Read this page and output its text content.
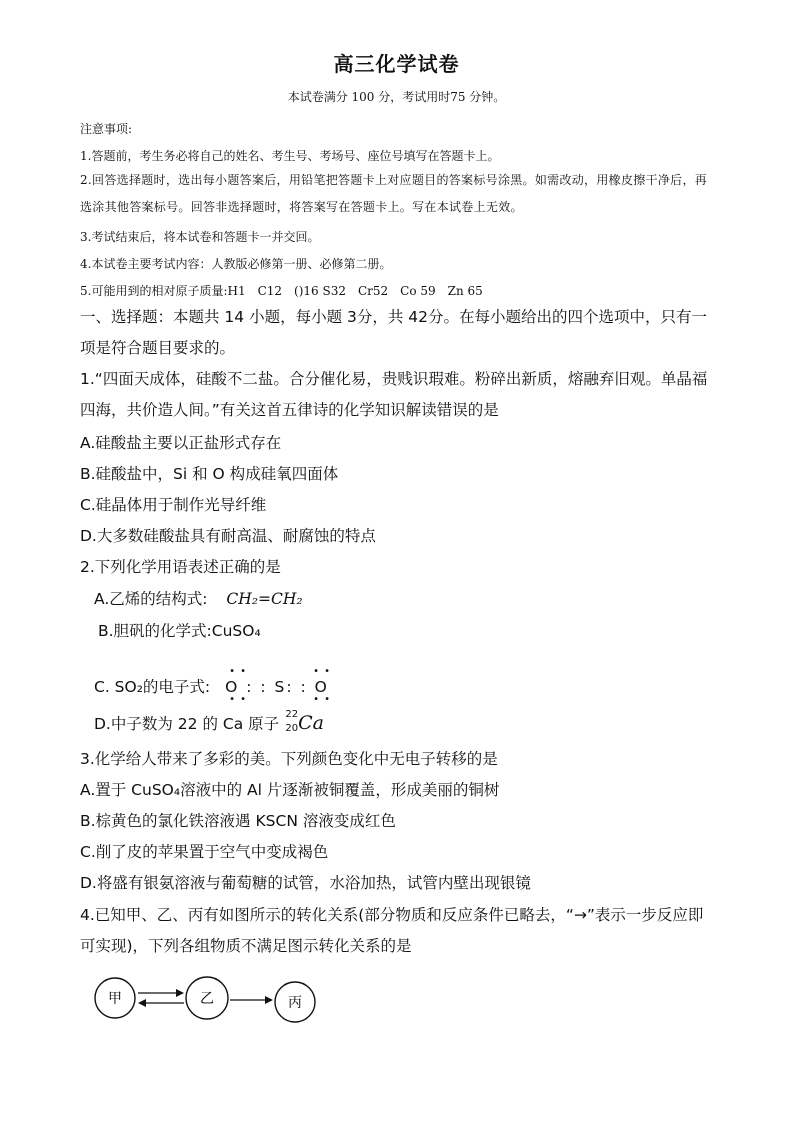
高三化学试卷
本试卷满分 100 分，考试用时75 分钟。
注意事项:
1.答题前，考生务必将自己的姓名、考生号、考场号、座位号填写在答题卡上。
2.回答选择题时，选出每小题答案后，用铅笔把答题卡上对应题目的答案标号涂黑。如需改动，用橡皮擦干净后，再选涂其他答案标号。回答非选择题时，将答案写在答题卡上。写在本试卷上无效。
3.考试结束后，将本试卷和答题卡一并交回。
4.本试卷主要考试内容：人教版必修第一册、必修第二册。
5.可能用到的相对原子质量:H1　C12　()16 S32　Cr52　Co 59　Zn 65
一、选择题：本题共 14 小题，每小题 3分，共 42分。在每小题给出的四个选项中，只有一项是符合题目要求的。
1.“四面天成体，硅酸不二盐。合分催化易，贵贱识瑕难。粉碎出新质，熔融弃旧观。单晶福四海，共价造人间。”有关这首五律诗的化学知识解读错误的是
A.硅酸盐主要以正盐形式存在
B.硅酸盐中，Si 和 O 构成硅氧四面体
C.硅晶体用于制作光导纤维
D.大多数硅酸盐具有耐高温、耐腐蚀的特点
2.下列化学用语表述正确的是
A.乙烯的结构式: CH₂=CH₂
B.胆矾的化学式:CuSO₄
C. SO₂的电子式:
• •	• •
• •	• •
O : : S: : O
D.中子数为 22 的 Ca 原子
22
20 Ca
3.化学给人带来了多彩的美。下列颜色变化中无电子转移的是
A.置于 CuSO₄溶液中的 Al 片逐渐被铜覆盖，形成美丽的铜树
B.棕黄色的氯化铁溶液遇 KSCN 溶液变成红色
C.削了皮的苹果置于空气中变成褐色
D.将盛有银氨溶液与葡萄糖的试管，水浴加热，试管内壁出现银镜
4.已知甲、乙、丙有如图所示的转化关系(部分物质和反应条件已略去，“→”表示一步反应即可实现)，下列各组物质不满足图示转化关系的是
甲	乙	丙
